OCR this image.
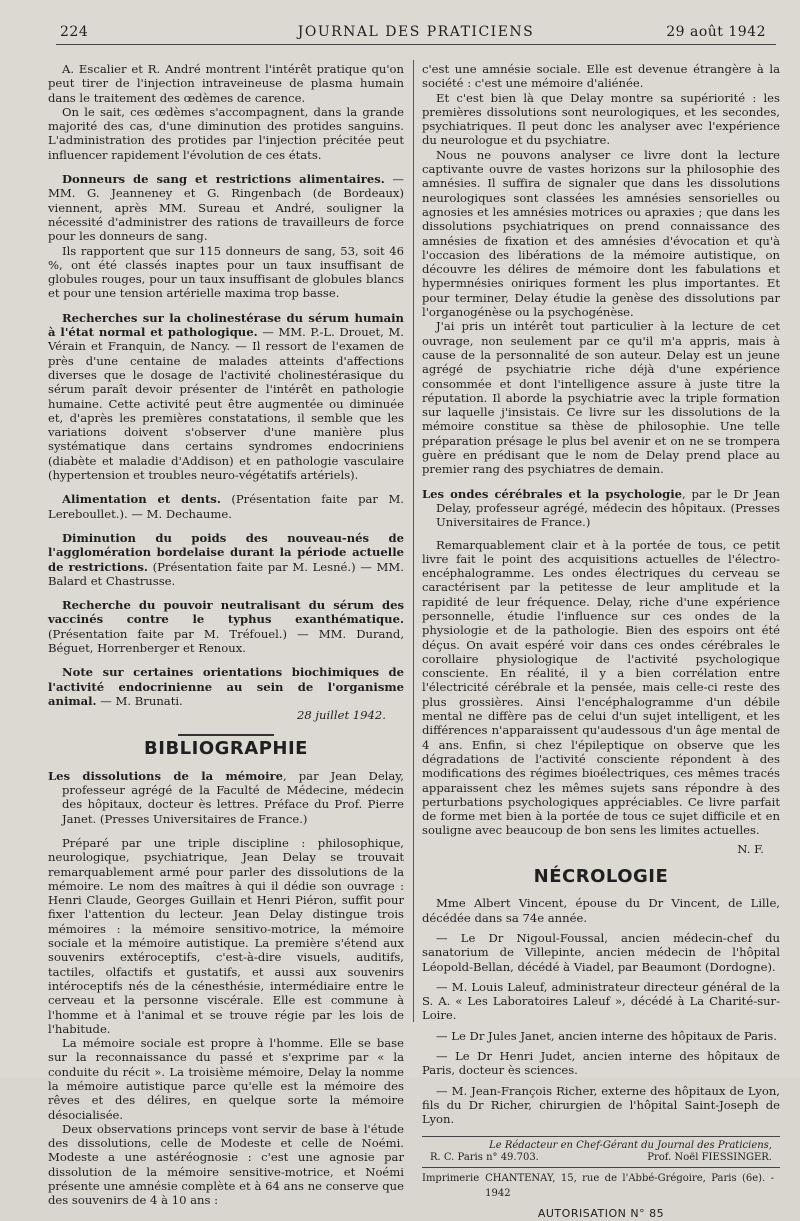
224	JOURNAL DES PRATICIENS	29 août 1942

A. Escalier et R. André montrent l'intérêt pratique qu'on peut tirer de l'injection intraveineuse de plasma humain dans le traitement des œdèmes de carence.

On le sait, ces œdèmes s'accompagnent, dans la grande majorité des cas, d'une diminution des protides sanguins. L'administration des protides par l'injection précitée peut influencer rapidement l'évolution de ces états.

Donneurs de sang et restrictions alimentaires. — MM. G. Jeanneney et G. Ringenbach (de Bordeaux) viennent, après MM. Sureau et André, souligner la nécessité d'administrer des rations de travailleurs de force pour les donneurs de sang.

Ils rapportent que sur 115 donneurs de sang, 53, soit 46 %, ont été classés inaptes pour un taux insuffisant de globules rouges, pour un taux insuffisant de globules blancs et pour une tension artérielle maxima trop basse.

Recherches sur la cholinestérase du sérum humain à l'état normal et pathologique. — MM. P.-L. Drouet, M. Vérain et Franquin, de Nancy. — Il ressort de l'examen de près d'une centaine de malades atteints d'affections diverses que le dosage de l'activité cholinestérasique du sérum paraît devoir présenter de l'intérêt en pathologie humaine. Cette activité peut être augmentée ou diminuée et, d'après les premières constatations, il semble que les variations doivent s'observer d'une manière plus systématique dans certains syndromes endocriniens (diabète et maladie d'Addison) et en pathologie vasculaire (hypertension et troubles neuro-végétatifs artériels).

Alimentation et dents. (Présentation faite par M. Lereboullet.). — M. Dechaume.

Diminution du poids des nouveau-nés de l'agglomération bordelaise durant la période actuelle de restrictions. (Présentation faite par M. Lesné.) — MM. Balard et Chastrusse.

Recherche du pouvoir neutralisant du sérum des vaccinés contre le typhus exanthématique. (Présentation faite par M. Tréfouel.) — MM. Durand, Béguet, Horrenberger et Renoux.

Note sur certaines orientations biochimiques de l'activité endocrinienne au sein de l'organisme animal. — M. Brunati.

28 juillet 1942.

BIBLIOGRAPHIE

Les dissolutions de la mémoire, par Jean Delay, professeur agrégé de la Faculté de Médecine, médecin des hôpitaux, docteur ès lettres. Préface du Prof. Pierre Janet. (Presses Universitaires de France.)

Préparé par une triple discipline : philosophique, neurologique, psychiatrique, Jean Delay se trouvait remarquablement armé pour parler des dissolutions de la mémoire. Le nom des maîtres à qui il dédie son ouvrage : Henri Claude, Georges Guillain et Henri Piéron, suffit pour fixer l'attention du lecteur. Jean Delay distingue trois mémoires : la mémoire sensitivo-motrice, la mémoire sociale et la mémoire autistique. La première s'étend aux souvenirs extéroceptifs, c'est-à-dire visuels, auditifs, tactiles, olfactifs et gustatifs, et aussi aux souvenirs intéroceptifs nés de la cénesthésie, intermédiaire entre le cerveau et la personne viscérale. Elle est commune à l'homme et à l'animal et se trouve régie par les lois de l'habitude.

La mémoire sociale est propre à l'homme. Elle se base sur la reconnaissance du passé et s'exprime par « la conduite du récit ». La troisième mémoire, Delay la nomme la mémoire autistique parce qu'elle est la mémoire des rêves et des délires, en quelque sorte la mémoire désocialisée.

Deux observations princeps vont servir de base à l'étude des dissolutions, celle de Modeste et celle de Noémi. Modeste a une astéréognosie : c'est une agnosie par dissolution de la mémoire sensitive-motrice, et Noémi présente une amnésie complète et à 64 ans ne conserve que des souvenirs de 4 à 10 ans :

c'est une amnésie sociale. Elle est devenue étrangère à la société : c'est une mémoire d'aliénée.

Et c'est bien là que Delay montre sa supériorité : les premières dissolutions sont neurologiques, et les secondes, psychiatriques. Il peut donc les analyser avec l'expérience du neurologue et du psychiatre.

Nous ne pouvons analyser ce livre dont la lecture captivante ouvre de vastes horizons sur la philosophie des amnésies. Il suffira de signaler que dans les dissolutions neurologiques sont classées les amnésies sensorielles ou agnosies et les amnésies motrices ou apraxies ; que dans les dissolutions psychiatriques on prend connaissance des amnésies de fixation et des amnésies d'évocation et qu'à l'occasion des libérations de la mémoire autistique, on découvre les délires de mémoire dont les fabulations et hypermnésies oniriques forment les plus importantes. Et pour terminer, Delay étudie la genèse des dissolutions par l'organogénèse ou la psychogénèse.

J'ai pris un intérêt tout particulier à la lecture de cet ouvrage, non seulement par ce qu'il m'a appris, mais à cause de la personnalité de son auteur. Delay est un jeune agrégé de psychiatrie riche déjà d'une expérience consommée et dont l'intelligence assure à juste titre la réputation. Il aborde la psychiatrie avec la triple formation sur laquelle j'insistais. Ce livre sur les dissolutions de la mémoire constitue sa thèse de philosophie. Une telle préparation présage le plus bel avenir et on ne se trompera guère en prédisant que le nom de Delay prend place au premier rang des psychiatres de demain.

Les ondes cérébrales et la psychologie, par le Dr Jean Delay, professeur agrégé, médecin des hôpitaux. (Presses Universitaires de France.)

Remarquablement clair et à la portée de tous, ce petit livre fait le point des acquisitions actuelles de l'électro-encéphalogramme. Les ondes électriques du cerveau se caractérisent par la petitesse de leur amplitude et la rapidité de leur fréquence. Delay, riche d'une expérience personnelle, étudie l'influence sur ces ondes de la physiologie et de la pathologie. Bien des espoirs ont été déçus. On avait espéré voir dans ces ondes cérébrales le corollaire physiologique de l'activité psychologique consciente. En réalité, il y a bien corrélation entre l'électricité cérébrale et la pensée, mais celle-ci reste des plus grossières. Ainsi l'encéphalogramme d'un débile mental ne diffère pas de celui d'un sujet intelligent, et les différences n'apparaissent qu'audessous d'un âge mental de 4 ans. Enfin, si chez l'épileptique on observe que les dégradations de l'activité consciente répondent à des modifications des régimes bioélectriques, ces mêmes tracés apparaissent chez les mêmes sujets sans répondre à des perturbations psychologiques appréciables. Ce livre parfait de forme met bien à la portée de tous ce sujet difficile et en souligne avec beaucoup de bon sens les limites actuelles.

N. F.

NÉCROLOGIE

Mme Albert Vincent, épouse du Dr Vincent, de Lille, décédée dans sa 74e année.

— Le Dr Nigoul-Foussal, ancien médecin-chef du sanatorium de Villepinte, ancien médecin de l'hôpital Léopold-Bellan, décédé à Viadel, par Beaumont (Dordogne).

— M. Louis Laleuf, administrateur directeur général de la S. A. « Les Laboratoires Laleuf », décédé à La Charité-sur-Loire.

— Le Dr Jules Janet, ancien interne des hôpitaux de Paris.

— Le Dr Henri Judet, ancien interne des hôpitaux de Paris, docteur ès sciences.

— M. Jean-François Richer, externe des hôpitaux de Lyon, fils du Dr Richer, chirurgien de l'hôpital Saint-Joseph de Lyon.

Le Rédacteur en Chef-Gérant du Journal des Praticiens,
R. C. Paris n° 49.703.	Prof. Noël FIESSINGER.
Imprimerie CHANTENAY, 15, rue de l'Abbé-Grégoire, Paris (6e). - 1942
AUTORISATION N° 85
